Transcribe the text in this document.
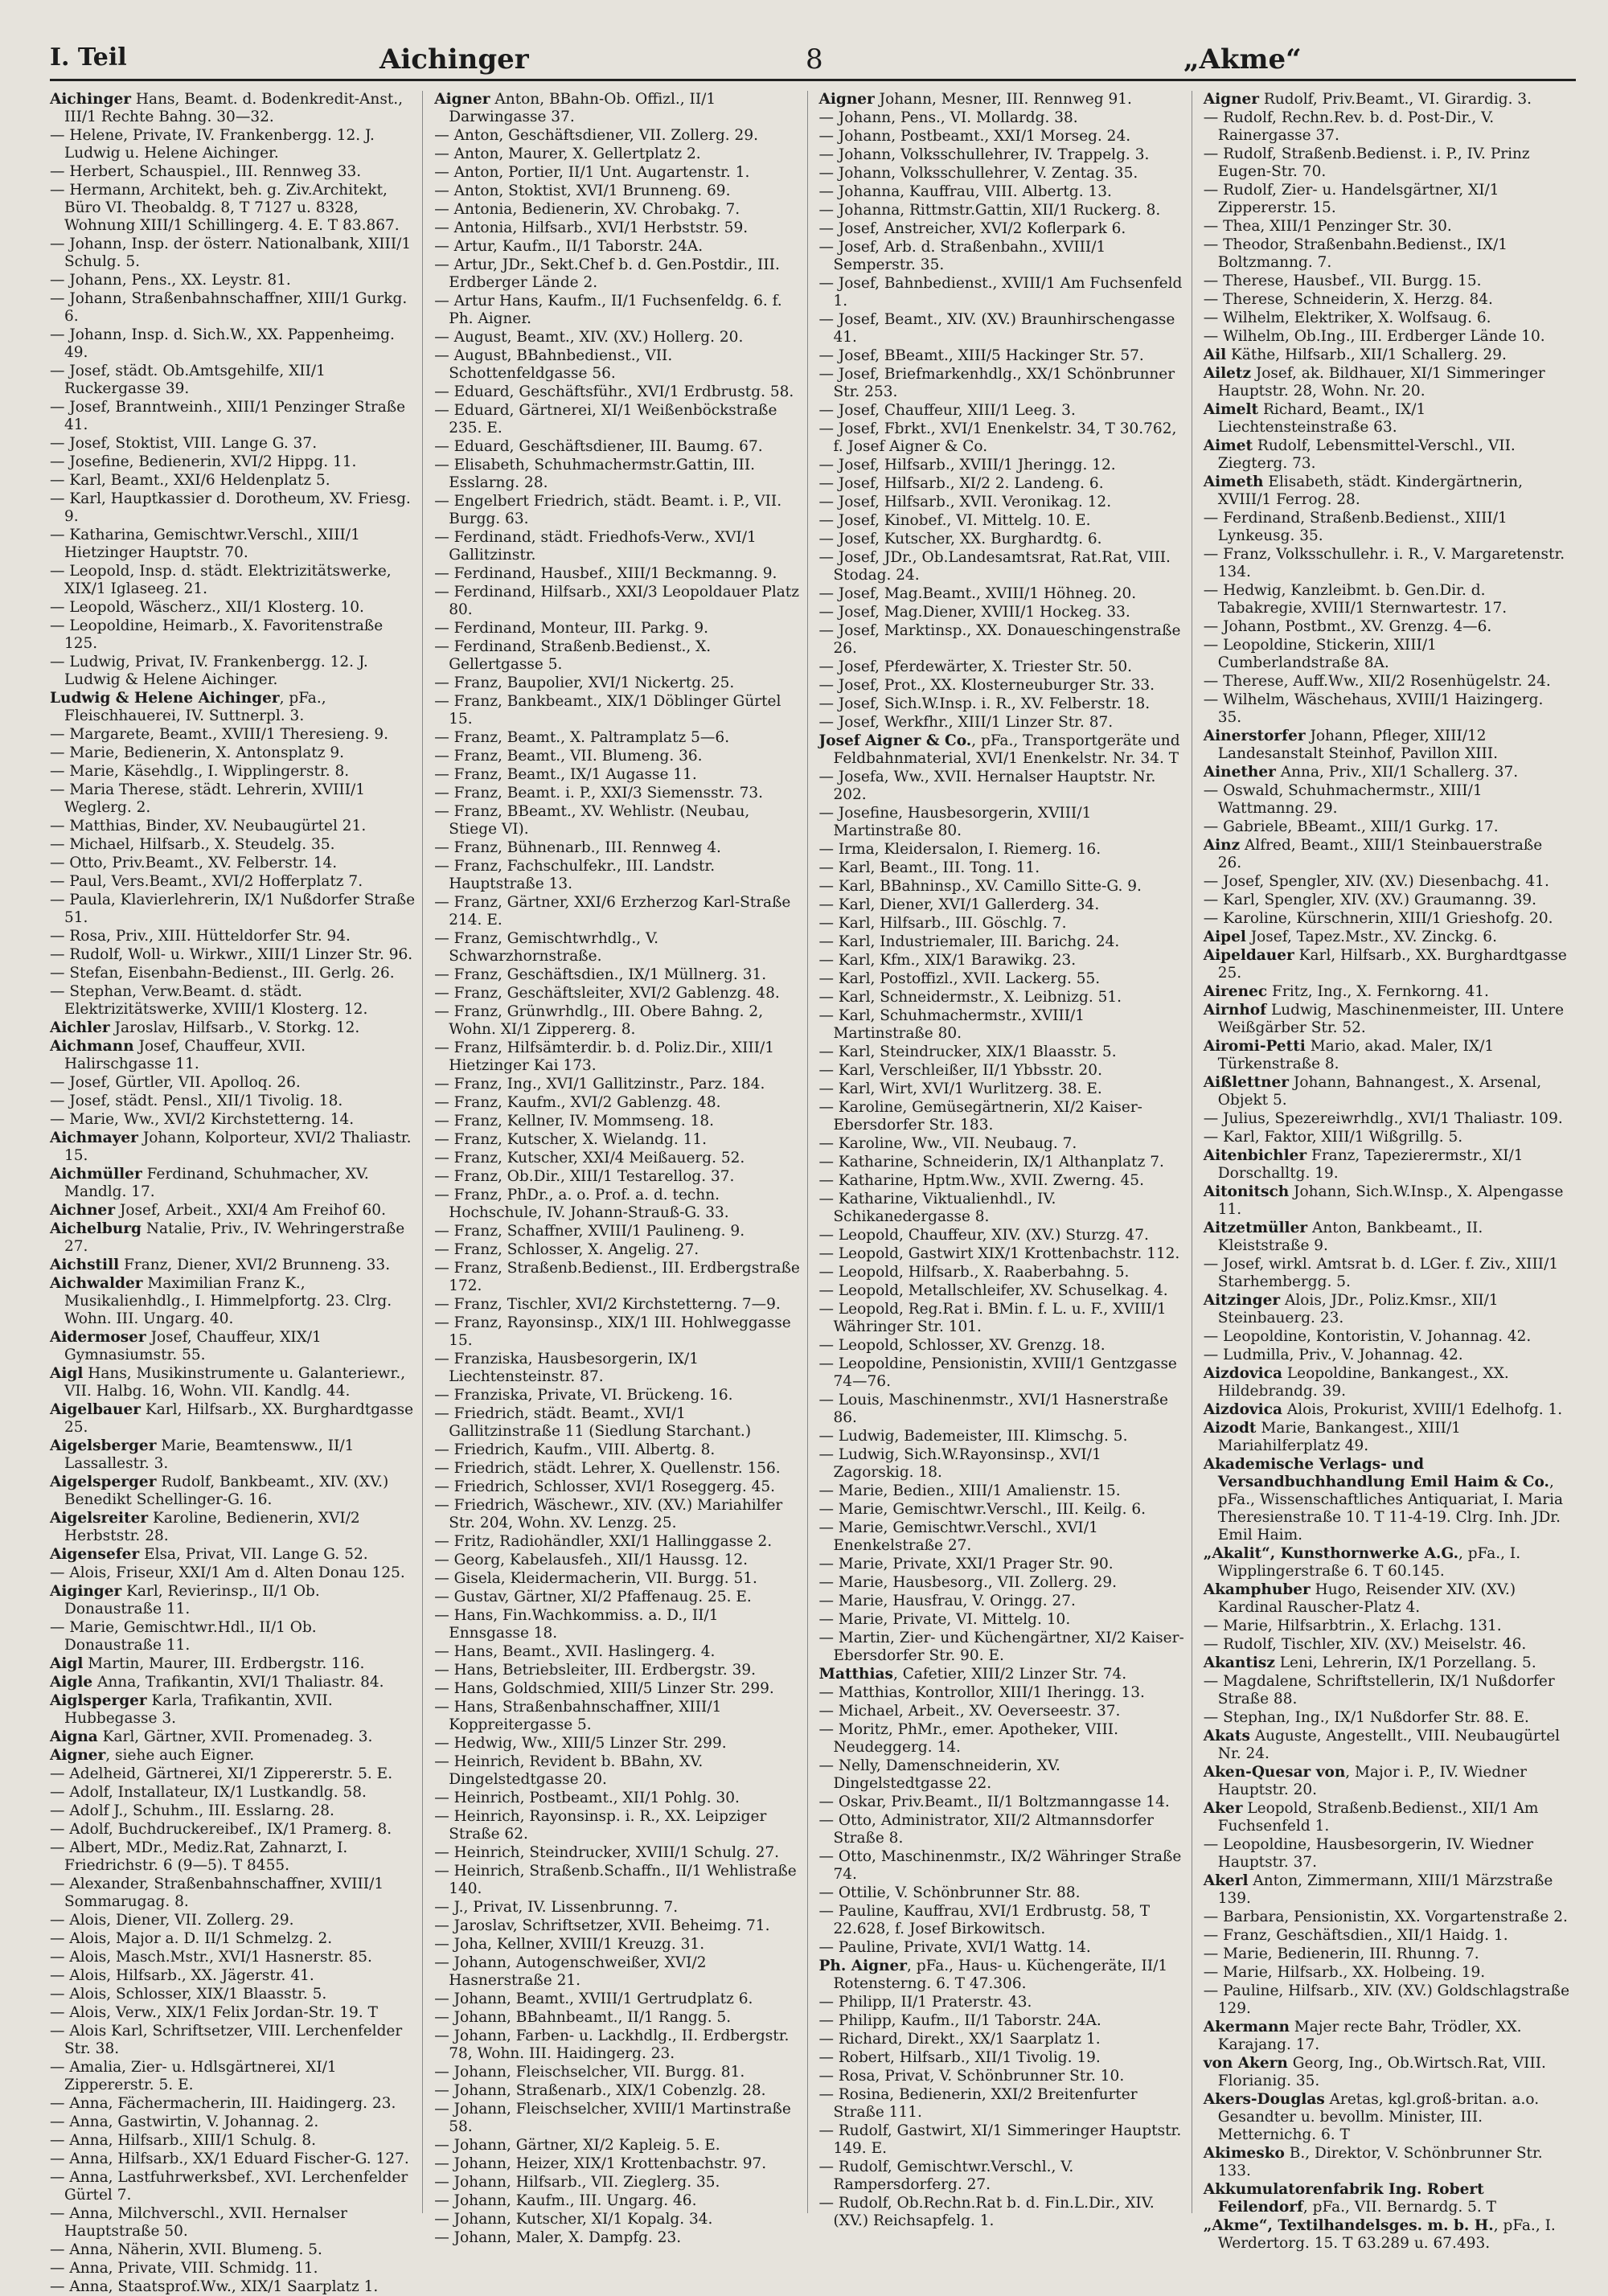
I. Teil	Aichinger	8	„Akme“
Aichinger Hans, Beamt. d. Bodenkredit-Anst., III/1 Rechte Bahng. 30—32.
— Helene, Private, IV. Frankenbergg. 12. J. Ludwig u. Helene Aichinger.
— Herbert, Schauspiel., III. Rennweg 33.
— Hermann, Architekt, beh. g. Ziv.Architekt, Büro VI. Theobaldg. 8, T 7127 u. 8328, Wohnung XIII/1 Schillingerg. 4. E. T 83.867.
— Johann, Insp. der österr. Nationalbank, XIII/1 Schulg. 5.
— Johann, Pens., XX. Leystr. 81.
— Johann, Straßenbahnschaffner, XIII/1 Gurkg. 6.
— Johann, Insp. d. Sich.W., XX. Pappenheimg. 49.
— Josef, städt. Ob.Amtsgehilfe, XII/1 Ruckergasse 39.
— Josef, Branntweinh., XIII/1 Penzinger Straße 41.
— Josef, Stoktist, VIII. Lange G. 37.
— Josefine, Bedienerin, XVI/2 Hippg. 11.
— Karl, Beamt., XXI/6 Heldenplatz 5.
— Karl, Hauptkassier d. Dorotheum, XV. Friesg. 9.
— Katharina, Gemischtwr.Verschl., XIII/1 Hietzinger Hauptstr. 70.
— Leopold, Insp. d. städt. Elektrizitätswerke, XIX/1 Iglaseeg. 21.
— Leopold, Wäscherz., XII/1 Klosterg. 10.
— Leopoldine, Heimarb., X. Favoritenstraße 125.
— Ludwig, Privat, IV. Frankenbergg. 12. J. Ludwig & Helene Aichinger.
Ludwig & Helene Aichinger, pFa., Fleischhauerei, IV. Suttnerpl. 3.
— Margarete, Beamt., XVIII/1 Theresieng. 9.
— Marie, Bedienerin, X. Antonsplatz 9.
— Marie, Käsehdlg., I. Wipplingerstr. 8.
— Maria Therese, städt. Lehrerin, XVIII/1 Weglerg. 2.
— Matthias, Binder, XV. Neubaugürtel 21.
— Michael, Hilfsarb., X. Steudelg. 35.
— Otto, Priv.Beamt., XV. Felberstr. 14.
— Paul, Vers.Beamt., XVI/2 Hofferplatz 7.
— Paula, Klavierlehrerin, IX/1 Nußdorfer Straße 51.
— Rosa, Priv., XIII. Hütteldorfer Str. 94.
— Rudolf, Woll- u. Wirkwr., XIII/1 Linzer Str. 96.
— Stefan, Eisenbahn-Bedienst., III. Gerlg. 26.
— Stephan, Verw.Beamt. d. städt. Elektrizitätswerke, XVIII/1 Klosterg. 12.
Aichler Jaroslav, Hilfsarb., V. Storkg. 12.
Aichmann Josef, Chauffeur, XVII. Halirschgasse 11.
— Josef, Gürtler, VII. Apolloq. 26.
— Josef, städt. Pensl., XII/1 Tivolig. 18.
— Marie, Ww., XVI/2 Kirchstetterng. 14.
Aichmayer Johann, Kolporteur, XVI/2 Thaliastr. 15.
Aichmüller Ferdinand, Schuhmacher, XV. Mandlg. 17.
Aichner Josef, Arbeit., XXI/4 Am Freihof 60.
Aichelburg Natalie, Priv., IV. Wehringerstraße 27.
Aichstill Franz, Diener, XVI/2 Brunneng. 33.
Aichwalder Maximilian Franz K., Musikalienhdlg., I. Himmelpfortg. 23. Clrg. Wohn. III. Ungarg. 40.
Aidermoser Josef, Chauffeur, XIX/1 Gymnasiumstr. 55.
Aigl Hans, Musikinstrumente u. Galanteriewr., VII. Halbg. 16, Wohn. VII. Kandlg. 44.
Aigelbauer Karl, Hilfsarb., XX. Burghardtgasse 25.
Aigelsberger Marie, Beamtensww., II/1 Lassallestr. 3.
Aigelsperger Rudolf, Bankbeamt., XIV. (XV.) Benedikt Schellinger-G. 16.
Aigelsreiter Karoline, Bedienerin, XVI/2 Herbststr. 28.
Aigensefer Elsa, Privat, VII. Lange G. 52.
— Alois, Friseur, XXI/1 Am d. Alten Donau 125.
Aiginger Karl, Revierinsp., II/1 Ob. Donaustraße 11.
— Marie, Gemischtwr.Hdl., II/1 Ob. Donaustraße 11.
Aigl Martin, Maurer, III. Erdbergstr. 116.
Aigle Anna, Trafikantin, XVI/1 Thaliastr. 84.
Aiglsperger Karla, Trafikantin, XVII. Hubbegasse 3.
Aigna Karl, Gärtner, XVII. Promenadeg. 3.
Aigner, siehe auch Eigner.
— Adelheid, Gärtnerei, XI/1 Zippererstr. 5. E.
— Adolf, Installateur, IX/1 Lustkandlg. 58.
— Adolf J., Schuhm., III. Esslarng. 28.
— Adolf, Buchdruckereibef., IX/1 Pramerg. 8.
— Albert, MDr., Mediz.Rat, Zahnarzt, I. Friedrichstr. 6 (9—5). T 8455.
— Alexander, Straßenbahnschaffner, XVIII/1 Sommarugag. 8.
— Alois, Diener, VII. Zollerg. 29.
— Alois, Major a. D. II/1 Schmelzg. 2.
— Alois, Masch.Mstr., XVI/1 Hasnerstr. 85.
— Alois, Hilfsarb., XX. Jägerstr. 41.
— Alois, Schlosser, XIX/1 Blaasstr. 5.
— Alois, Verw., XIX/1 Felix Jordan-Str. 19. T
— Alois Karl, Schriftsetzer, VIII. Lerchenfelder Str. 38.
— Amalia, Zier- u. Hdlsgärtnerei, XI/1 Zippererstr. 5. E.
— Anna, Fächermacherin, III. Haidingerg. 23.
— Anna, Gastwirtin, V. Johannag. 2.
— Anna, Hilfsarb., XIII/1 Schulg. 8.
— Anna, Hilfsarb., XX/1 Eduard Fischer-G. 127.
— Anna, Lastfuhrwerksbef., XVI. Lerchenfelder Gürtel 7.
— Anna, Milchverschl., XVII. Hernalser Hauptstraße 50.
— Anna, Näherin, XVII. Blumeng. 5.
— Anna, Private, VIII. Schmidg. 11.
— Anna, Staatsprof.Ww., XIX/1 Saarplatz 1.
Aigner Anton, BBahn-Ob. Offizl., II/1 Darwingasse 37.
— Anton, Geschäftsdiener, VII. Zollerg. 29.
— Anton, Maurer, X. Gellertplatz 2.
— Anton, Portier, II/1 Unt. Augartenstr. 1.
— Anton, Stoktist, XVI/1 Brunneng. 69.
— Antonia, Bedienerin, XV. Chrobakg. 7.
— Antonia, Hilfsarb., XVI/1 Herbststr. 59.
— Artur, Kaufm., II/1 Taborstr. 24A.
— Artur, JDr., Sekt.Chef b. d. Gen.Postdir., III. Erdberger Lände 2.
— Artur Hans, Kaufm., II/1 Fuchsenfeldg. 6. f. Ph. Aigner.
— August, Beamt., XIV. (XV.) Hollerg. 20.
— August, BBahnbedienst., VII. Schottenfeldgasse 56.
— Eduard, Geschäftsführ., XVI/1 Erdbrustg. 58.
— Eduard, Gärtnerei, XI/1 Weißenböckstraße 235. E.
— Eduard, Geschäftsdiener, III. Baumg. 67.
— Elisabeth, Schuhmachermstr.Gattin, III. Esslarng. 28.
— Engelbert Friedrich, städt. Beamt. i. P., VII. Burgg. 63.
— Ferdinand, städt. Friedhofs-Verw., XVI/1 Gallitzinstr.
— Ferdinand, Hausbef., XIII/1 Beckmanng. 9.
— Ferdinand, Hilfsarb., XXI/3 Leopoldauer Platz 80.
— Ferdinand, Monteur, III. Parkg. 9.
— Ferdinand, Straßenb.Bedienst., X. Gellertgasse 5.
— Franz, Baupolier, XVI/1 Nickertg. 25.
— Franz, Bankbeamt., XIX/1 Döblinger Gürtel 15.
— Franz, Beamt., X. Paltramplatz 5—6.
— Franz, Beamt., VII. Blumeng. 36.
— Franz, Beamt., IX/1 Augasse 11.
— Franz, Beamt. i. P., XXI/3 Siemensstr. 73.
— Franz, BBeamt., XV. Wehlistr. (Neubau, Stiege VI).
— Franz, Bühnenarb., III. Rennweg 4.
— Franz, Fachschulfekr., III. Landstr. Hauptstraße 13.
— Franz, Gärtner, XXI/6 Erzherzog Karl-Straße 214. E.
— Franz, Gemischtwrhdlg., V. Schwarzhornstraße.
— Franz, Geschäftsdien., IX/1 Müllnerg. 31.
— Franz, Geschäftsleiter, XVI/2 Gablenzg. 48.
— Franz, Grünwrhdlg., III. Obere Bahng. 2, Wohn. XI/1 Zippererg. 8.
— Franz, Hilfsämterdir. b. d. Poliz.Dir., XIII/1 Hietzinger Kai 173.
— Franz, Ing., XVI/1 Gallitzinstr., Parz. 184.
— Franz, Kaufm., XVI/2 Gablenzg. 48.
— Franz, Kellner, IV. Mommseng. 18.
— Franz, Kutscher, X. Wielandg. 11.
— Franz, Kutscher, XXI/4 Meißauerg. 52.
— Franz, Ob.Dir., XIII/1 Testarellog. 37.
— Franz, PhDr., a. o. Prof. a. d. techn. Hochschule, IV. Johann-Strauß-G. 33.
— Franz, Schaffner, XVIII/1 Paulineng. 9.
— Franz, Schlosser, X. Angelig. 27.
— Franz, Straßenb.Bedienst., III. Erdbergstraße 172.
— Franz, Tischler, XVI/2 Kirchstetterng. 7—9.
— Franz, Rayonsinsp., XIX/1 III. Hohlweggasse 15.
— Franziska, Hausbesorgerin, IX/1 Liechtensteinstr. 87.
— Franziska, Private, VI. Brückeng. 16.
— Friedrich, städt. Beamt., XVI/1 Gallitzinstraße 11 (Siedlung Starchant.)
— Friedrich, Kaufm., VIII. Albertg. 8.
— Friedrich, städt. Lehrer, X. Quellenstr. 156.
— Friedrich, Schlosser, XVI/1 Roseggerg. 45.
— Friedrich, Wäschewr., XIV. (XV.) Mariahilfer Str. 204, Wohn. XV. Lenzg. 25.
— Fritz, Radiohändler, XXI/1 Hallinggasse 2.
— Georg, Kabelausfeh., XII/1 Haussg. 12.
— Gisela, Kleidermacherin, VII. Burgg. 51.
— Gustav, Gärtner, XI/2 Pfaffenaug. 25. E.
— Hans, Fin.Wachkommiss. a. D., II/1 Ennsgasse 18.
— Hans, Beamt., XVII. Haslingerg. 4.
— Hans, Betriebsleiter, III. Erdbergstr. 39.
— Hans, Goldschmied, XIII/5 Linzer Str. 299.
— Hans, Straßenbahnschaffner, XIII/1 Koppreitergasse 5.
— Hedwig, Ww., XIII/5 Linzer Str. 299.
— Heinrich, Revident b. BBahn, XV. Dingelstedtgasse 20.
— Heinrich, Postbeamt., XII/1 Pohlg. 30.
— Heinrich, Rayonsinsp. i. R., XX. Leipziger Straße 62.
— Heinrich, Steindrucker, XVIII/1 Schulg. 27.
— Heinrich, Straßenb.Schaffn., II/1 Wehlistraße 140.
— J., Privat, IV. Lissenbrunng. 7.
— Jaroslav, Schriftsetzer, XVII. Beheimg. 71.
— Joha, Kellner, XVIII/1 Kreuzg. 31.
— Johann, Autogenschweißer, XVI/2 Hasnerstraße 21.
— Johann, Beamt., XVIII/1 Gertrudplatz 6.
— Johann, BBahnbeamt., II/1 Rangg. 5.
— Johann, Farben- u. Lackhdlg., II. Erdbergstr. 78, Wohn. III. Haidingerg. 23.
— Johann, Fleischselcher, VII. Burgg. 81.
— Johann, Straßenarb., XIX/1 Cobenzlg. 28.
— Johann, Fleischselcher, XVIII/1 Martinstraße 58.
— Johann, Gärtner, XI/2 Kapleig. 5. E.
— Johann, Heizer, XIX/1 Krottenbachstr. 97.
— Johann, Hilfsarb., VII. Zieglerg. 35.
— Johann, Kaufm., III. Ungarg. 46.
— Johann, Kutscher, XI/1 Kopalg. 34.
— Johann, Maler, X. Dampfg. 23.
Aigner Johann, Mesner, III. Rennweg 91.
— Johann, Pens., VI. Mollardg. 38.
— Johann, Postbeamt., XXI/1 Morseg. 24.
— Johann, Volksschullehrer, IV. Trappelg. 3.
— Johann, Volksschullehrer, V. Zentag. 35.
— Johanna, Kauffrau, VIII. Albertg. 13.
— Johanna, Rittmstr.Gattin, XII/1 Ruckerg. 8.
— Josef, Anstreicher, XVI/2 Koflerpark 6.
— Josef, Arb. d. Straßenbahn., XVIII/1 Semperstr. 35.
— Josef, Bahnbedienst., XVIII/1 Am Fuchsenfeld 1.
— Josef, Beamt., XIV. (XV.) Braunhirschengasse 41.
— Josef, BBeamt., XIII/5 Hackinger Str. 57.
— Josef, Briefmarkenhdlg., XX/1 Schönbrunner Str. 253.
— Josef, Chauffeur, XIII/1 Leeg. 3.
— Josef, Fbrkt., XVI/1 Enenkelstr. 34, T 30.762, f. Josef Aigner & Co.
— Josef, Hilfsarb., XVIII/1 Jheringg. 12.
— Josef, Hilfsarb., XI/2 2. Landeng. 6.
— Josef, Hilfsarb., XVII. Veronikag. 12.
— Josef, Kinobef., VI. Mittelg. 10. E.
— Josef, Kutscher, XX. Burghardtg. 6.
— Josef, JDr., Ob.Landesamtsrat, Rat.Rat, VIII. Stodag. 24.
— Josef, Mag.Beamt., XVIII/1 Höhneg. 20.
— Josef, Mag.Diener, XVIII/1 Hockeg. 33.
— Josef, Marktinsp., XX. Donaueschingenstraße 26.
— Josef, Pferdewärter, X. Triester Str. 50.
— Josef, Prot., XX. Klosterneuburger Str. 33.
— Josef, Sich.W.Insp. i. R., XV. Felberstr. 18.
— Josef, Werkfhr., XIII/1 Linzer Str. 87.
Josef Aigner & Co., pFa., Transportgeräte und Feldbahnmaterial, XVI/1 Enenkelstr. Nr. 34. T
— Josefa, Ww., XVII. Hernalser Hauptstr. Nr. 202.
— Josefine, Hausbesorgerin, XVIII/1 Martinstraße 80.
— Irma, Kleidersalon, I. Riemerg. 16.
— Karl, Beamt., III. Tong. 11.
— Karl, BBahninsp., XV. Camillo Sitte-G. 9.
— Karl, Diener, XVI/1 Gallerderg. 34.
— Karl, Hilfsarb., III. Göschlg. 7.
— Karl, Industriemaler, III. Barichg. 24.
— Karl, Kfm., XIX/1 Barawikg. 23.
— Karl, Postoffizl., XVII. Lackerg. 55.
— Karl, Schneidermstr., X. Leibnizg. 51.
— Karl, Schuhmachermstr., XVIII/1 Martinstraße 80.
— Karl, Steindrucker, XIX/1 Blaasstr. 5.
— Karl, Verschleißer, II/1 Ybbsstr. 20.
— Karl, Wirt, XVI/1 Wurlitzerg. 38. E.
— Karoline, Gemüsegärtnerin, XI/2 Kaiser-Ebersdorfer Str. 183.
— Karoline, Ww., VII. Neubaug. 7.
— Katharine, Schneiderin, IX/1 Althanplatz 7.
— Katharine, Hptm.Ww., XVII. Zwerng. 45.
— Katharine, Viktualienhdl., IV. Schikanedergasse 8.
— Leopold, Chauffeur, XIV. (XV.) Sturzg. 47.
— Leopold, Gastwirt XIX/1 Krottenbachstr. 112.
— Leopold, Hilfsarb., X. Raaberbahng. 5.
— Leopold, Metallschleifer, XV. Schuselkag. 4.
— Leopold, Reg.Rat i. BMin. f. L. u. F., XVIII/1 Währinger Str. 101.
— Leopold, Schlosser, XV. Grenzg. 18.
— Leopoldine, Pensionistin, XVIII/1 Gentzgasse 74—76.
— Louis, Maschinenmstr., XVI/1 Hasnerstraße 86.
— Ludwig, Bademeister, III. Klimschg. 5.
— Ludwig, Sich.W.Rayonsinsp., XVI/1 Zagorskig. 18.
— Marie, Bedien., XIII/1 Amalienstr. 15.
— Marie, Gemischtwr.Verschl., III. Keilg. 6.
— Marie, Gemischtwr.Verschl., XVI/1 Enenkelstraße 27.
— Marie, Private, XXI/1 Prager Str. 90.
— Marie, Hausbesorg., VII. Zollerg. 29.
— Marie, Hausfrau, V. Oringg. 27.
— Marie, Private, VI. Mittelg. 10.
— Martin, Zier- und Küchengärtner, XI/2 Kaiser-Ebersdorfer Str. 90. E.
Matthias, Cafetier, XIII/2 Linzer Str. 74.
— Matthias, Kontrollor, XIII/1 Iheringg. 13.
— Michael, Arbeit., XV. Oeverseestr. 37.
— Moritz, PhMr., emer. Apotheker, VIII. Neudeggerg. 14.
— Nelly, Damenschneiderin, XV. Dingelstedtgasse 22.
— Oskar, Priv.Beamt., II/1 Boltzmanngasse 14.
— Otto, Administrator, XII/2 Altmannsdorfer Straße 8.
— Otto, Maschinenmstr., IX/2 Währinger Straße 74.
— Ottilie, V. Schönbrunner Str. 88.
— Pauline, Kauffrau, XVI/1 Erdbrustg. 58, T 22.628, f. Josef Birkowitsch.
— Pauline, Private, XVI/1 Wattg. 14.
Ph. Aigner, pFa., Haus- u. Küchengeräte, II/1 Rotensterng. 6. T 47.306.
— Philipp, II/1 Praterstr. 43.
— Philipp, Kaufm., II/1 Taborstr. 24A.
— Richard, Direkt., XX/1 Saarplatz 1.
— Robert, Hilfsarb., XII/1 Tivolig. 19.
— Rosa, Privat, V. Schönbrunner Str. 10.
— Rosina, Bedienerin, XXI/2 Breitenfurter Straße 111.
— Rudolf, Gastwirt, XI/1 Simmeringer Hauptstr. 149. E.
— Rudolf, Gemischtwr.Verschl., V. Rampersdorferg. 27.
— Rudolf, Ob.Rechn.Rat b. d. Fin.L.Dir., XIV. (XV.) Reichsapfelg. 1.
Aigner Rudolf, Priv.Beamt., VI. Girardig. 3.
— Rudolf, Rechn.Rev. b. d. Post-Dir., V. Rainergasse 37.
— Rudolf, Straßenb.Bedienst. i. P., IV. Prinz Eugen-Str. 70.
— Rudolf, Zier- u. Handelsgärtner, XI/1 Zippererstr. 15.
— Thea, XIII/1 Penzinger Str. 30.
— Theodor, Straßenbahn.Bedienst., IX/1 Boltzmanng. 7.
— Therese, Hausbef., VII. Burgg. 15.
— Therese, Schneiderin, X. Herzg. 84.
— Wilhelm, Elektriker, X. Wolfsaug. 6.
— Wilhelm, Ob.Ing., III. Erdberger Lände 10.
Ail Käthe, Hilfsarb., XII/1 Schallerg. 29.
Ailetz Josef, ak. Bildhauer, XI/1 Simmeringer Hauptstr. 28, Wohn. Nr. 20.
Aimelt Richard, Beamt., IX/1 Liechtensteinstraße 63.
Aimet Rudolf, Lebensmittel-Verschl., VII. Ziegterg. 73.
Aimeth Elisabeth, städt. Kindergärtnerin, XVIII/1 Ferrog. 28.
— Ferdinand, Straßenb.Bedienst., XIII/1 Lynkeusg. 35.
— Franz, Volksschullehr. i. R., V. Margaretenstr. 134.
— Hedwig, Kanzleibmt. b. Gen.Dir. d. Tabakregie, XVIII/1 Sternwartestr. 17.
— Johann, Postbmt., XV. Grenzg. 4—6.
— Leopoldine, Stickerin, XIII/1 Cumberlandstraße 8A.
— Therese, Auff.Ww., XII/2 Rosenhügelstr. 24.
— Wilhelm, Wäschehaus, XVIII/1 Haizingerg. 35.
Ainerstorfer Johann, Pfleger, XIII/12 Landesanstalt Steinhof, Pavillon XIII.
Ainether Anna, Priv., XII/1 Schallerg. 37.
— Oswald, Schuhmachermstr., XIII/1 Wattmanng. 29.
— Gabriele, BBeamt., XIII/1 Gurkg. 17.
Ainz Alfred, Beamt., XIII/1 Steinbauerstraße 26.
— Josef, Spengler, XIV. (XV.) Diesenbachg. 41.
— Karl, Spengler, XIV. (XV.) Graumanng. 39.
— Karoline, Kürschnerin, XIII/1 Grieshofg. 20.
Aipel Josef, Tapez.Mstr., XV. Zinckg. 6.
Aipeldauer Karl, Hilfsarb., XX. Burghardtgasse 25.
Airenec Fritz, Ing., X. Fernkorng. 41.
Airnhof Ludwig, Maschinenmeister, III. Untere Weißgärber Str. 52.
Airomi-Petti Mario, akad. Maler, IX/1 Türkenstraße 8.
Aißlettner Johann, Bahnangest., X. Arsenal, Objekt 5.
— Julius, Spezereiwrhdlg., XVI/1 Thaliastr. 109.
— Karl, Faktor, XIII/1 Wißgrillg. 5.
Aitenbichler Franz, Tapezierermstr., XI/1 Dorschalltg. 19.
Aitonitsch Johann, Sich.W.Insp., X. Alpengasse 11.
Aitzetmüller Anton, Bankbeamt., II. Kleiststraße 9.
— Josef, wirkl. Amtsrat b. d. LGer. f. Ziv., XIII/1 Starhembergg. 5.
Aitzinger Alois, JDr., Poliz.Kmsr., XII/1 Steinbauerg. 23.
— Leopoldine, Kontoristin, V. Johannag. 42.
— Ludmilla, Priv., V. Johannag. 42.
Aizdovica Leopoldine, Bankangest., XX. Hildebrandg. 39.
Aizdovica Alois, Prokurist, XVIII/1 Edelhofg. 1.
Aizodt Marie, Bankangest., XIII/1 Mariahilferplatz 49.
Akademische Verlags- und Versandbuchhandlung Emil Haim & Co., pFa., Wissenschaftliches Antiquariat, I. Maria Theresienstraße 10. T 11-4-19. Clrg. Inh. JDr. Emil Haim.
„Akalit“, Kunsthornwerke A.G., pFa., I. Wipplingerstraße 6. T 60.145.
Akamphuber Hugo, Reisender XIV. (XV.) Kardinal Rauscher-Platz 4.
— Marie, Hilfsarbtrin., X. Erlachg. 131.
— Rudolf, Tischler, XIV. (XV.) Meiselstr. 46.
Akantisz Leni, Lehrerin, IX/1 Porzellang. 5.
— Magdalene, Schriftstellerin, IX/1 Nußdorfer Straße 88.
— Stephan, Ing., IX/1 Nußdorfer Str. 88. E.
Akats Auguste, Angestellt., VIII. Neubaugürtel Nr. 24.
Aken-Quesar von, Major i. P., IV. Wiedner Hauptstr. 20.
Aker Leopold, Straßenb.Bedienst., XII/1 Am Fuchsenfeld 1.
— Leopoldine, Hausbesorgerin, IV. Wiedner Hauptstr. 37.
Akerl Anton, Zimmermann, XIII/1 Märzstraße 139.
— Barbara, Pensionistin, XX. Vorgartenstraße 2.
— Franz, Geschäftsdien., XII/1 Haidg. 1.
— Marie, Bedienerin, III. Rhunng. 7.
— Marie, Hilfsarb., XX. Holbeing. 19.
— Pauline, Hilfsarb., XIV. (XV.) Goldschlagstraße 129.
Akermann Majer recte Bahr, Trödler, XX. Karajang. 17.
von Akern Georg, Ing., Ob.Wirtsch.Rat, VIII. Florianig. 35.
Akers-Douglas Aretas, kgl.groß-britan. a.o. Gesandter u. bevollm. Minister, III. Metternichg. 6. T
Akimesko B., Direktor, V. Schönbrunner Str. 133.
Akkumulatorenfabrik Ing. Robert Feilendorf, pFa., VII. Bernardg. 5. T
„Akme“, Textilhandelsges. m. b. H., pFa., I. Werdertorg. 15. T 63.289 u. 67.493.
